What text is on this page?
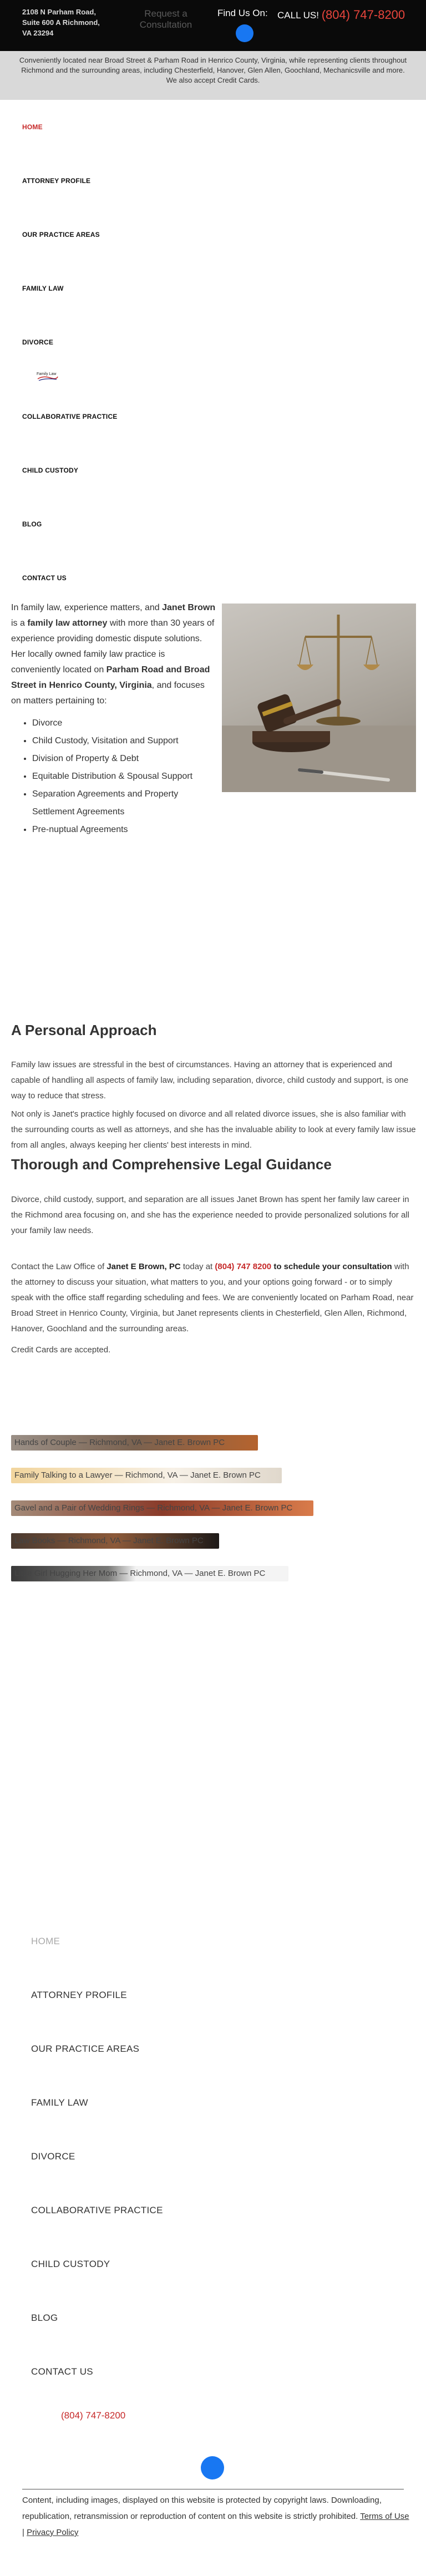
2108 N Parham Road,
Suite 600 A Richmond,
VA 23294
Request a
Consultation
Find Us On: CALL US! (804) 747-8200
Conveniently located near Broad Street & Parham Road in Henrico County, Virginia, while representing clients throughout Richmond and the surrounding areas, including Chesterfield, Hanover, Glen Allen, Goochland, Mechanicsville and more. We also accept Credit Cards.
HOME
ATTORNEY PROFILE
OUR PRACTICE AREAS
FAMILY LAW
DIVORCE
Family Law
COLLABORATIVE PRACTICE
CHILD CUSTODY
BLOG
CONTACT US

In family law, experience matters, and Janet Brown is a family law attorney with more than 30 years of experience providing domestic dispute solutions.

Her locally owned family law practice is conveniently located on Parham Road and Broad Street in Henrico County, Virginia, and focuses on matters pertaining to:

• Divorce
• Child Custody, Visitation and Support
• Division of Property & Debt
• Equitable Distribution & Spousal Support
• Separation Agreements and Property Settlement Agreements
• Pre-nuptual Agreements
A Personal Approach
Family law issues are stressful in the best of circumstances. Having an attorney that is experienced and capable of handling all aspects of family law, including separation, divorce, child custody and support, is one way to reduce that stress.
Not only is Janet's practice highly focused on divorce and all related divorce issues, she is also familiar with the surrounding courts as well as attorneys, and she has the invaluable ability to look at every family law issue from all angles, always keeping her clients' best interests in mind.
Thorough and Comprehensive Legal Guidance
Divorce, child custody, support, and separation are all issues Janet Brown has spent her family law career in the Richmond area focusing on, and she has the experience needed to provide personalized solutions for all your family law needs.
Contact the Law Office of Janet E Brown, PC today at (804) 747 8200 to schedule your consultation with the attorney to discuss your situation, what matters to you, and your options going forward - or to simply speak with the office staff regarding scheduling and fees. We are conveniently located on Parham Road, near Broad Street in Henrico County, Virginia, but Janet represents clients in Chesterfield, Glen Allen, Richmond, Hanover, Goochland and the surrounding areas.
Credit Cards are accepted.
Hands of Couple — Richmond, VA — Janet E. Brown PC
Family Talking to a Lawyer — Richmond, VA — Janet E. Brown PC
Gavel and a Pair of Wedding Rings — Richmond, VA — Janet E. Brown PC
Law Books — Richmond, VA — Janet E. Brown PC
Little Girl Hugging Her Mom — Richmond, VA — Janet E. Brown PC
HOME
ATTORNEY PROFILE
OUR PRACTICE AREAS
FAMILY LAW
DIVORCE
COLLABORATIVE PRACTICE
CHILD CUSTODY
BLOG
CONTACT US
(804) 747-8200
Content, including images, displayed on this website is protected by copyright laws. Downloading, republication, retransmission or reproduction of content on this website is strictly prohibited. Terms of Use | Privacy Policy
